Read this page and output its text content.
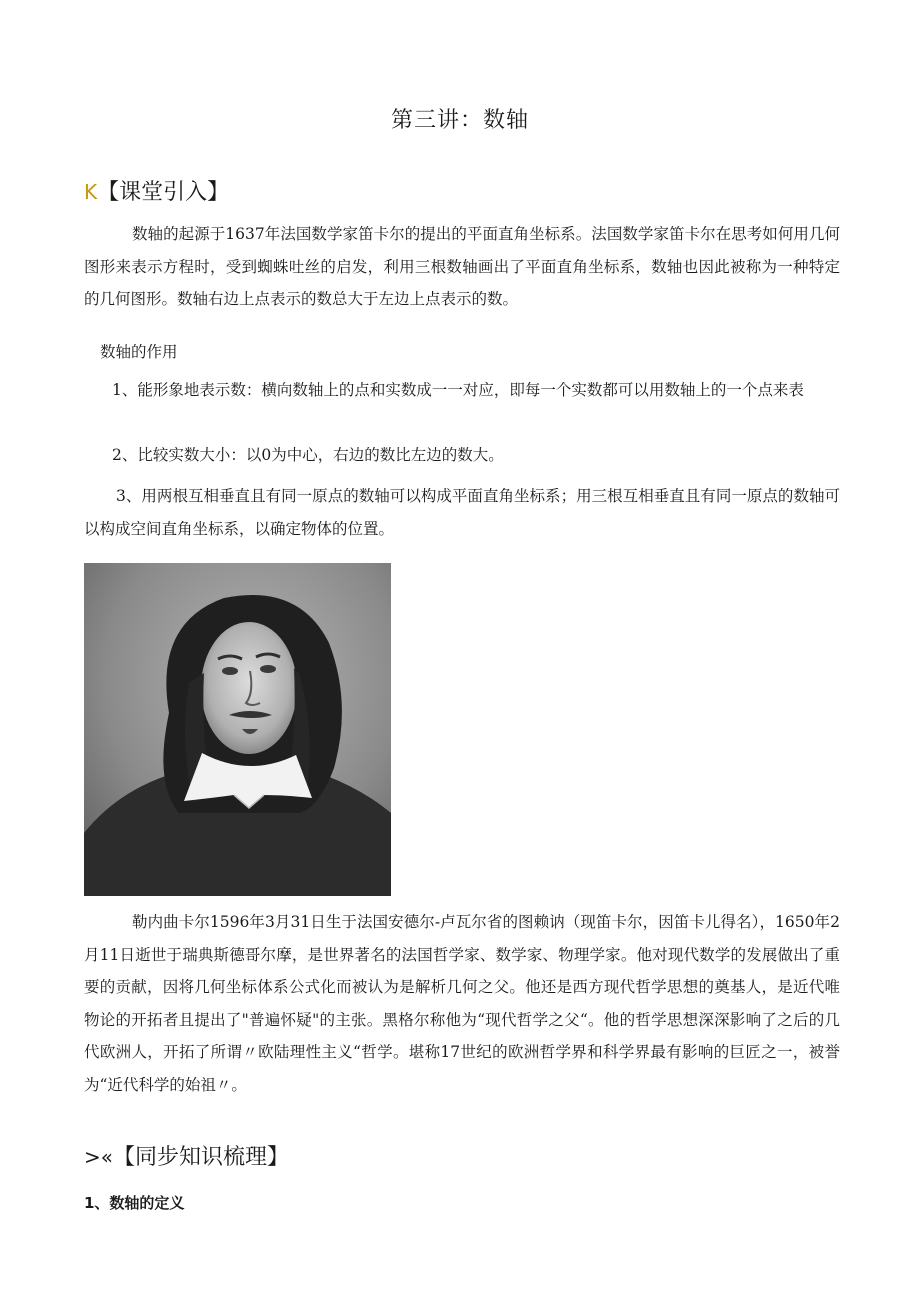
第三讲：数轴
K【课堂引入】
数轴的起源于1637年法国数学家笛卡尔的提出的平面直角坐标系。法国数学家笛卡尔在思考如何用几何图形来表示方程时，受到蜘蛛吐丝的启发，利用三根数轴画出了平面直角坐标系，数轴也因此被称为一种特定的几何图形。数轴右边上点表示的数总大于左边上点表示的数。
数轴的作用
1、能形象地表示数：横向数轴上的点和实数成一一对应，即每一个实数都可以用数轴上的一个点来表
2、比较实数大小：以0为中心，右边的数比左边的数大。
3、用两根互相垂直且有同一原点的数轴可以构成平面直角坐标系；用三根互相垂直且有同一原点的数轴可以构成空间直角坐标系，以确定物体的位置。
勒内曲卡尔1596年3月31日生于法国安德尔-卢瓦尔省的图赖讷（现笛卡尔，因笛卡儿得名），1650年2月11日逝世于瑞典斯德哥尔摩，是世界著名的法国哲学家、数学家、物理学家。他对现代数学的发展做出了重要的贡献，因将几何坐标体系公式化而被认为是解析几何之父。他还是西方现代哲学思想的奠基人，是近代唯物论的开拓者且提出了"普遍怀疑"的主张。黑格尔称他为“现代哲学之父“。他的哲学思想深深影响了之后的几代欧洲人，开拓了所谓〃欧陆理性主义“哲学。堪称17世纪的欧洲哲学界和科学界最有影响的巨匠之一，被誉为“近代科学的始祖〃。
>«【同步知识梳理】
1、数轴的定义
